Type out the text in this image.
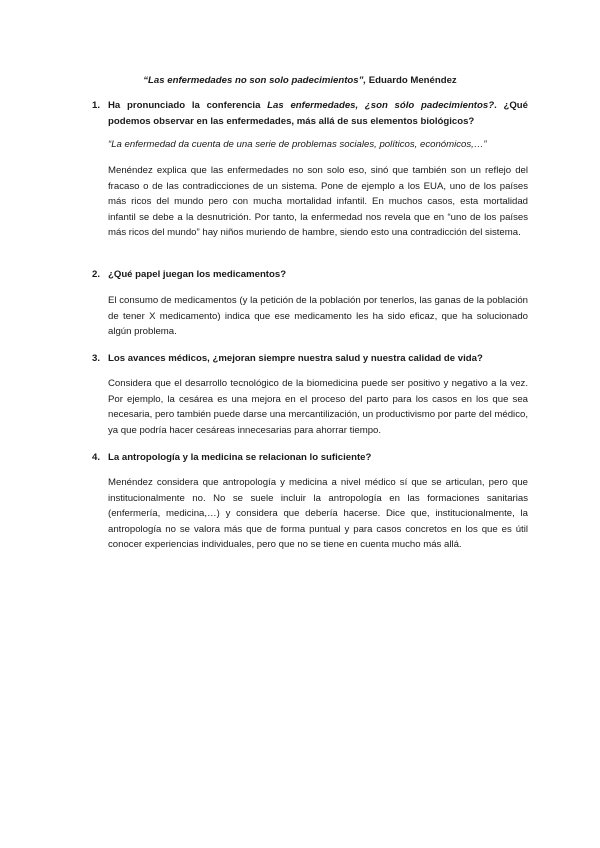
“Las enfermedades no son solo padecimientos”, Eduardo Menéndez
1. Ha pronunciado la conferencia Las enfermedades, ¿son sólo padecimientos?. ¿Qué podemos observar en las enfermedades, más allá de sus elementos biológicos?
“La enfermedad da cuenta de una serie de problemas sociales, políticos, económicos,…”
Menéndez explica que las enfermedades no son solo eso, sinó que también son un reflejo del fracaso o de las contradicciones de un sistema. Pone de ejemplo a los EUA, uno de los países más ricos del mundo pero con mucha mortalidad infantil. En muchos casos, esta mortalidad infantil se debe a la desnutrición. Por tanto, la enfermedad nos revela que en “uno de los países más ricos del mundo” hay niños muriendo de hambre, siendo esto una contradicción del sistema.
2. ¿Qué papel juegan los medicamentos?
El consumo de medicamentos (y la petición de la población por tenerlos, las ganas de la población de tener X medicamento) indica que ese medicamento les ha sido eficaz, que ha solucionado algún problema.
3. Los avances médicos, ¿mejoran siempre nuestra salud y nuestra calidad de vida?
Considera que el desarrollo tecnológico de la biomedicina puede ser positivo y negativo a la vez. Por ejemplo, la cesárea es una mejora en el proceso del parto para los casos en los que sea necesaria, pero también puede darse una mercantilización, un productivismo por parte del médico, ya que podría hacer cesáreas innecesarias para ahorrar tiempo.
4. La antropología y la medicina se relacionan lo suficiente?
Menéndez considera que antropología y medicina a nivel médico sí que se articulan, pero que institucionalmente no. No se suele incluir la antropología en las formaciones sanitarias (enfermería, medicina,…) y considera que debería hacerse. Dice que, institucionalmente, la antropología no se valora más que de forma puntual y para casos concretos en los que es útil conocer experiencias individuales, pero que no se tiene en cuenta mucho más allá.
